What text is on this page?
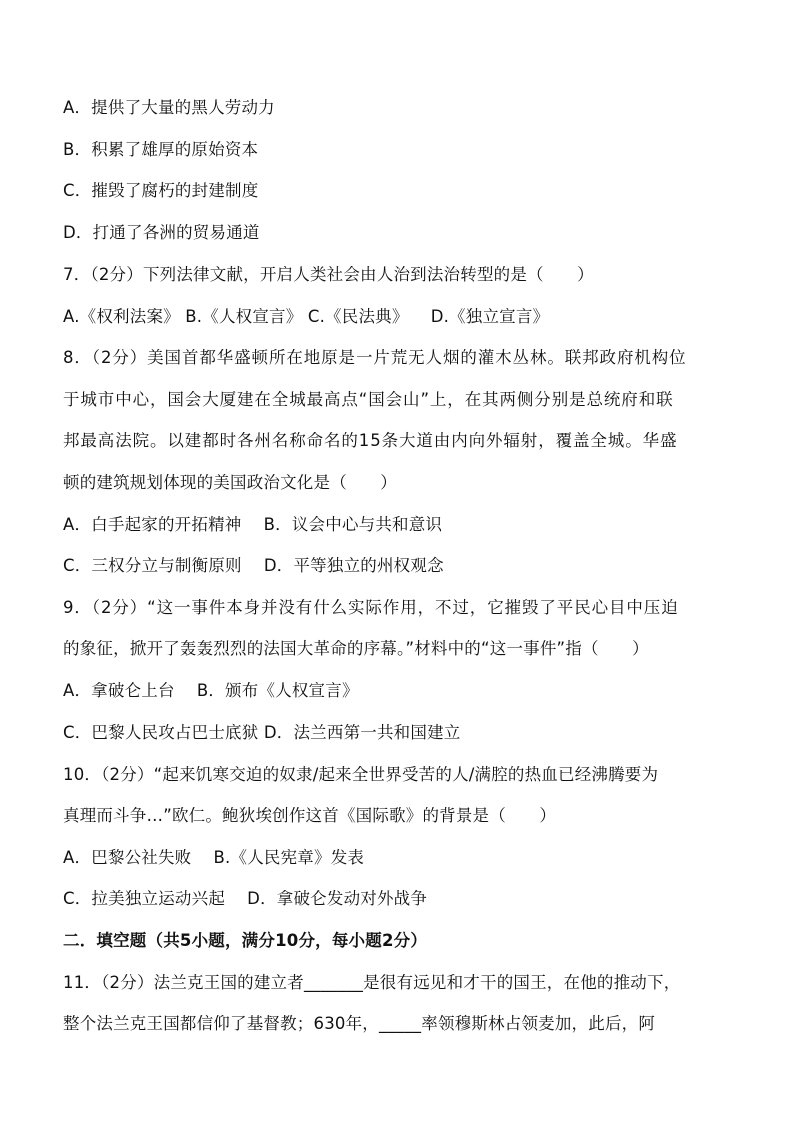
A．提供了大量的黑人劳动力
B．积累了雄厚的原始资本
C．摧毁了腐朽的封建制度
D．打通了各洲的贸易通道
7．（2分）下列法律文献，开启人类社会由人治到法治转型的是（　　）
A.《权利法案》 B.《人权宣言》 C.《民法典》 　D.《独立宣言》
8．（2分）美国首都华盛顿所在地原是一片荒无人烟的灌木丛林。联邦政府机构位
于城市中心，国会大厦建在全城最高点“国会山”上，在其两侧分别是总统府和联
邦最高法院。以建都时各州名称命名的15条大道由内向外辐射，覆盖全城。华盛
顿的建筑规划体现的美国政治文化是（　　）
A．白手起家的开拓精神 　B．议会中心与共和意识
C．三权分立与制衡原则 　D．平等独立的州权观念
9．（2分）“这一事件本身并没有什么实际作用，不过，它摧毁了平民心目中压迫
的象征，掀开了轰轰烈烈的法国大革命的序幕。”材料中的“这一事件”指（　　）
A．拿破仑上台 　B．颁布《人权宣言》
C．巴黎人民攻占巴士底狱 D．法兰西第一共和国建立
10．（2分）“起来饥寒交迫的奴隶/起来全世界受苦的人/满腔的热血已经沸腾要为
真理而斗争…”欧仁。鲍狄埃创作这首《国际歌》的背景是（　　）
A．巴黎公社失败 　B.《人民宪章》发表
C．拉美独立运动兴起 　D．拿破仑发动对外战争
二．填空题（共5小题，满分10分，每小题2分）
11．（2分）法兰克王国的建立者_______是很有远见和才干的国王，在他的推动下，
整个法兰克王国都信仰了基督教；630年，_____率领穆斯林占领麦加，此后，阿
